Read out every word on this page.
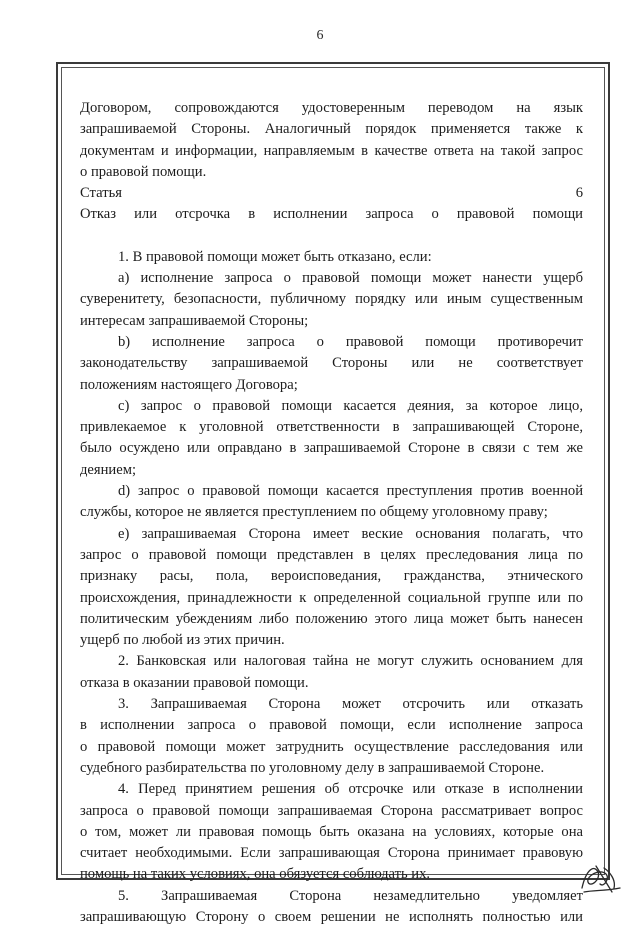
6

Договором, сопровождаются удостоверенным переводом на язык

запрашиваемой Стороны. Аналогичный порядок применяется также к

документам и информации, направляемым в качестве ответа на такой запрос

о правовой помощи.

Статья 6

Отказ или отсрочка в исполнении запроса о правовой помощи

1. В правовой помощи может быть отказано, если:

a) исполнение запроса о правовой помощи может нанести ущерб

суверенитету, безопасности, публичному порядку или иным существенным

интересам запрашиваемой Стороны;

b) исполнение запроса о правовой помощи противоречит

законодательству запрашиваемой Стороны или не соответствует

положениям настоящего Договора;

c) запрос о правовой помощи касается деяния, за которое лицо,

привлекаемое к уголовной ответственности в запрашивающей Стороне,

было осуждено или оправдано в запрашиваемой Стороне в связи с тем же

деянием;

d) запрос о правовой помощи касается преступления против военной

службы, которое не является преступлением по общему уголовному праву;

e) запрашиваемая Сторона имеет веские основания полагать, что

запрос о правовой помощи представлен в целях преследования лица по

признаку расы, пола, вероисповедания, гражданства, этнического

происхождения, принадлежности к определенной социальной группе или по

политическим убеждениям либо положению этого лица может быть нанесен

ущерб по любой из этих причин.

2. Банковская или налоговая тайна не могут служить основанием для

отказа в оказании правовой помощи.

3. Запрашиваемая Сторона может отсрочить или отказать

в исполнении запроса о правовой помощи, если исполнение запроса

о правовой помощи может затруднить осуществление расследования или

судебного разбирательства по уголовному делу в запрашиваемой Стороне.

4. Перед принятием решения об отсрочке или отказе в исполнении

запроса о правовой помощи запрашиваемая Сторона рассматривает вопрос

о том, может ли правовая помощь быть оказана на условиях, которые она

считает необходимыми. Если запрашивающая Сторона принимает правовую

помощь на таких условиях, она обязуется соблюдать их.

5. Запрашиваемая Сторона незамедлительно уведомляет

запрашивающую Сторону о своем решении не исполнять полностью или
